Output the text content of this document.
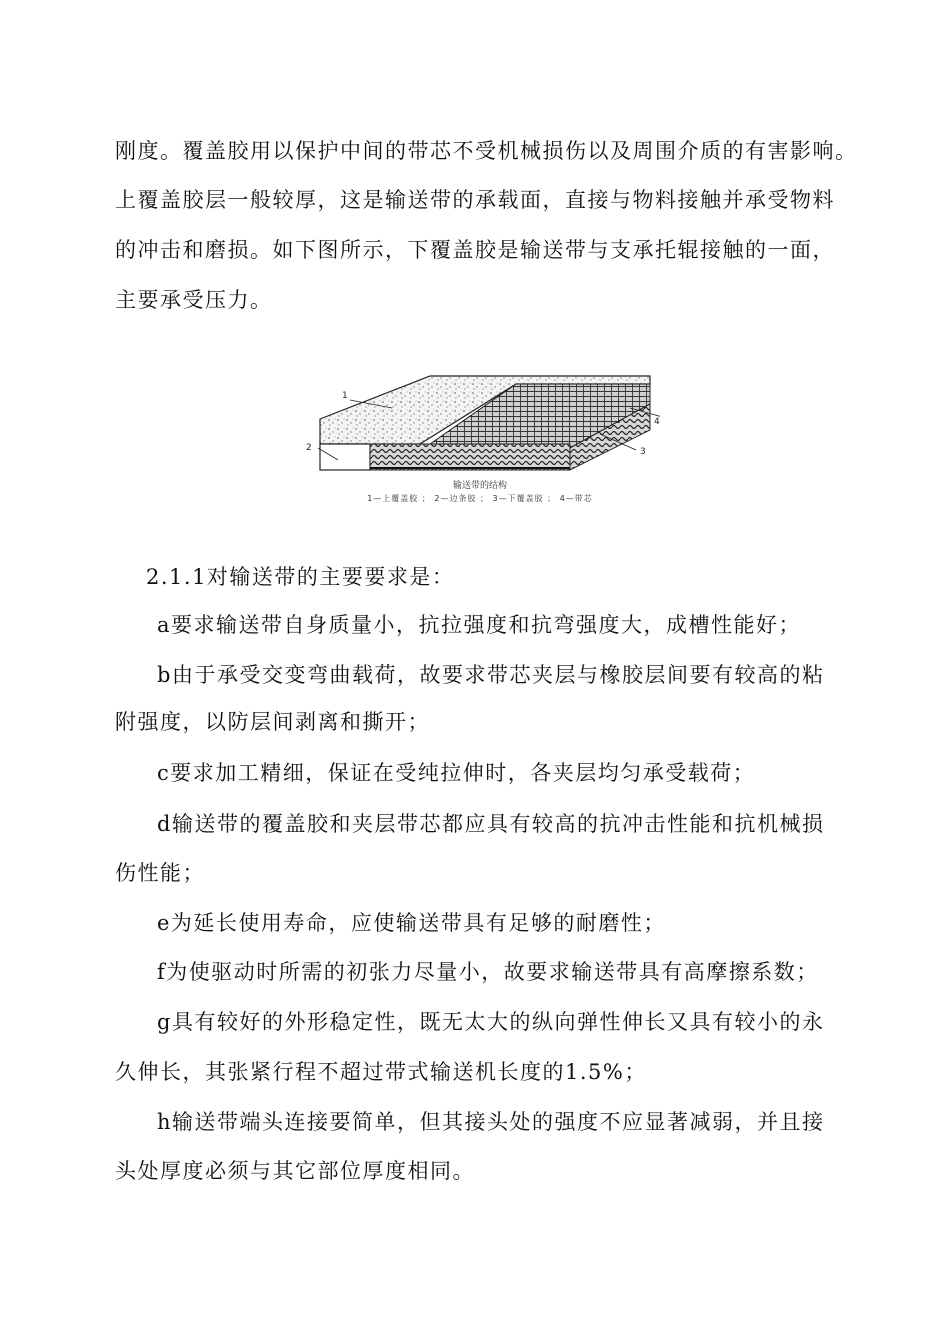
刚度。覆盖胶用以保护中间的带芯不受机械损伤以及周围介质的有害影响。
上覆盖胶层一般较厚，这是输送带的承载面，直接与物料接触并承受物料
的冲击和磨损。如下图所示，下覆盖胶是输送带与支承托辊接触的一面，
主要承受压力。
1
2	3
4
输送带的结构
1—上覆盖胶 ； 2—边条胶 ； 3—下覆盖胶 ； 4—带芯
2.1.1对输送带的主要要求是：
a要求输送带自身质量小，抗拉强度和抗弯强度大，成槽性能好；
b由于承受交变弯曲载荷，故要求带芯夹层与橡胶层间要有较高的粘
附强度，以防层间剥离和撕开；
c要求加工精细，保证在受纯拉伸时，各夹层均匀承受载荷；
d输送带的覆盖胶和夹层带芯都应具有较高的抗冲击性能和抗机械损
伤性能；
e为延长使用寿命，应使输送带具有足够的耐磨性；
f为使驱动时所需的初张力尽量小，故要求输送带具有高摩擦系数；
g具有较好的外形稳定性，既无太大的纵向弹性伸长又具有较小的永
久伸长，其张紧行程不超过带式输送机长度的1.5%；
h输送带端头连接要简单，但其接头处的强度不应显著减弱，并且接
头处厚度必须与其它部位厚度相同。
